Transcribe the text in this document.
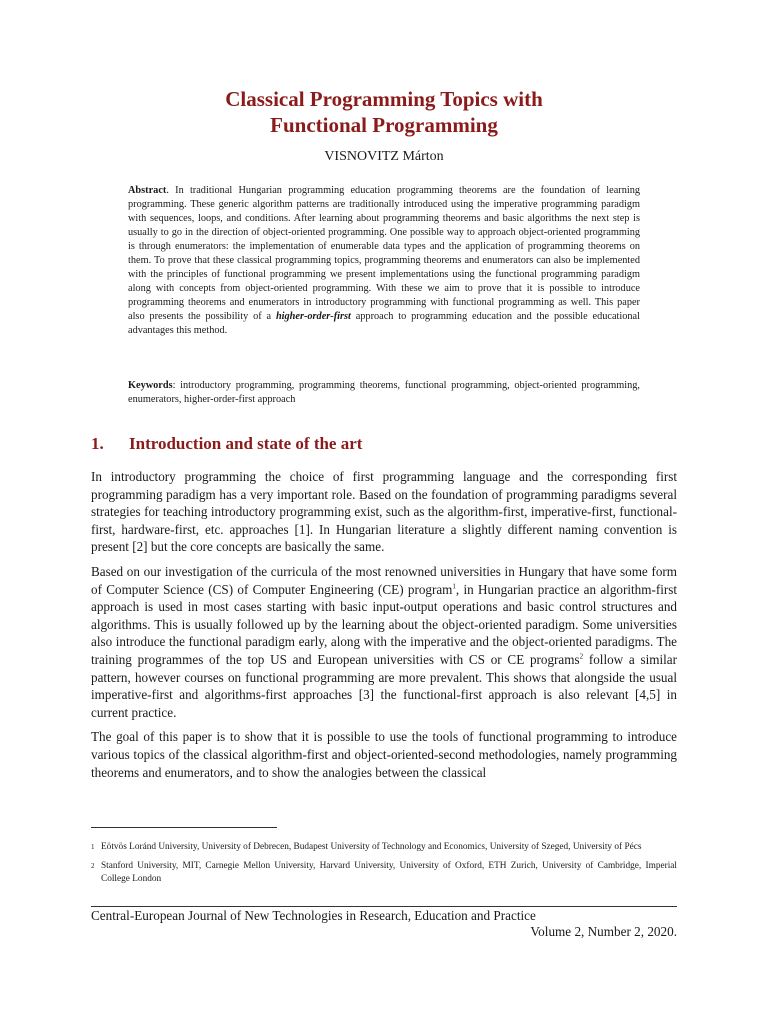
Classical Programming Topics with
Functional Programming
VISNOVITZ Márton
Abstract. In traditional Hungarian programming education programming theorems are the foundation of learning programming. These generic algorithm patterns are traditionally introduced using the imperative programming paradigm with sequences, loops, and conditions. After learning about programming theorems and basic algorithms the next step is usually to go in the direction of object-oriented programming. One possible way to approach object-oriented programming is through enumerators: the implementation of enumerable data types and the application of programming theorems on them. To prove that these classical programming topics, programming theorems and enumerators can also be implemented with the principles of functional programming we present implementations using the functional programming paradigm along with concepts from object-oriented programming. With these we aim to prove that it is possible to introduce programming theorems and enumerators in introductory programming with functional programming as well. This paper also presents the possibility of a higher-order-first approach to programming education and the possible educational advantages this method.
Keywords: introductory programming, programming theorems, functional programming, object-oriented programming, enumerators, higher-order-first approach
1. Introduction and state of the art

In introductory programming the choice of first programming language and the corresponding first programming paradigm has a very important role. Based on the foundation of programming paradigms several strategies for teaching introductory programming exist, such as the algorithm-first, imperative-first, functional-first, hardware-first, etc. approaches [1]. In Hungarian literature a slightly different naming convention is present [2] but the core concepts are basically the same.

Based on our investigation of the curricula of the most renowned universities in Hungary that have some form of Computer Science (CS) of Computer Engineering (CE) program$^1$, in Hungarian practice an algorithm-first approach is used in most cases starting with basic input-output operations and basic control structures and algorithms. This is usually followed up by the learning about the object-oriented paradigm. Some universities also introduce the functional paradigm early, along with the imperative and the object-oriented paradigms. The training programmes of the top US and European universities with CS or CE programs$^2$ follow a similar pattern, however courses on functional programming are more prevalent. This shows that alongside the usual imperative-first and algorithms-first approaches [3] the functional-first approach is also relevant [4,5] in current practice.

The goal of this paper is to show that it is possible to use the tools of functional programming to introduce various topics of the classical algorithm-first and object-oriented-second methodologies, namely programming theorems and enumerators, and to show the analogies between the classical

1 Eötvös Loránd University, University of Debrecen, Budapest University of Technology and Economics, University of Szeged, University of Pécs
2 Stanford University, MIT, Carnegie Mellon University, Harvard University, University of Oxford, ETH Zurich, University of Cambridge, Imperial College London
Central-European Journal of New Technologies in Research, Education and Practice
Volume 2, Number 2, 2020.
